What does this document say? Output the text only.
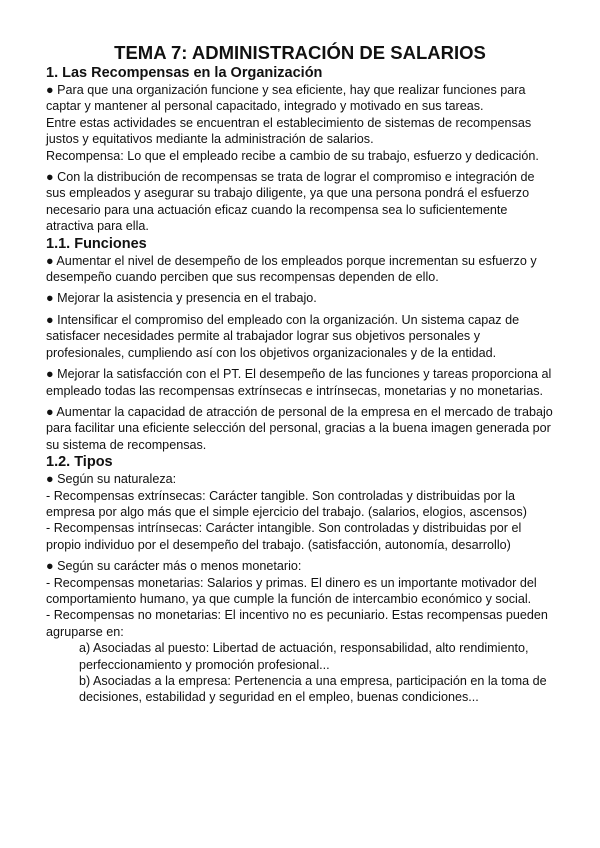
TEMA 7: ADMINISTRACIÓN DE SALARIOS
1. Las Recompensas en la Organización

● Para que una organización funcione y sea eficiente, hay que realizar funciones para captar y mantener al personal capacitado, integrado y motivado en sus tareas.

Entre estas actividades se encuentran el establecimiento de sistemas de recompensas justos y equitativos mediante la administración de salarios.

Recompensa: Lo que el empleado recibe a cambio de su trabajo, esfuerzo y dedicación.

● Con la distribución de recompensas se trata de lograr el compromiso e integración de sus empleados y asegurar su trabajo diligente, ya que una persona pondrá el esfuerzo necesario para una actuación eficaz cuando la recompensa sea lo suficientemente atractiva para ella.

1.1. Funciones

● Aumentar el nivel de desempeño de los empleados porque incrementan su esfuerzo y desempeño cuando perciben que sus recompensas dependen de ello.

● Mejorar la asistencia y presencia en el trabajo.

● Intensificar el compromiso del empleado con la organización. Un sistema capaz de satisfacer necesidades permite al trabajador lograr sus objetivos personales y profesionales, cumpliendo así con los objetivos organizacionales y de la entidad.

● Mejorar la satisfacción con el PT. El desempeño de las funciones y tareas proporciona al empleado todas las recompensas extrínsecas e intrínsecas, monetarias y no monetarias.

● Aumentar la capacidad de atracción de personal de la empresa en el mercado de trabajo para facilitar una eficiente selección del personal, gracias a la buena imagen generada por su sistema de recompensas.

1.2. Tipos

● Según su naturaleza:

- Recompensas extrínsecas: Carácter tangible. Son controladas y distribuidas por la empresa por algo más que el simple ejercicio del trabajo. (salarios, elogios, ascensos)

- Recompensas intrínsecas: Carácter intangible. Son controladas y distribuidas por el propio individuo por el desempeño del trabajo. (satisfacción, autonomía, desarrollo)

● Según su carácter más o menos monetario:

- Recompensas monetarias: Salarios y primas. El dinero es un importante motivador del comportamiento humano, ya que cumple la función de intercambio económico y social.

- Recompensas no monetarias: El incentivo no es pecuniario. Estas recompensas pueden agruparse en:

a) Asociadas al puesto: Libertad de actuación, responsabilidad, alto rendimiento, perfeccionamiento y promoción profesional...

b) Asociadas a la empresa: Pertenencia a una empresa, participación en la toma de decisiones, estabilidad y seguridad en el empleo, buenas condiciones...
